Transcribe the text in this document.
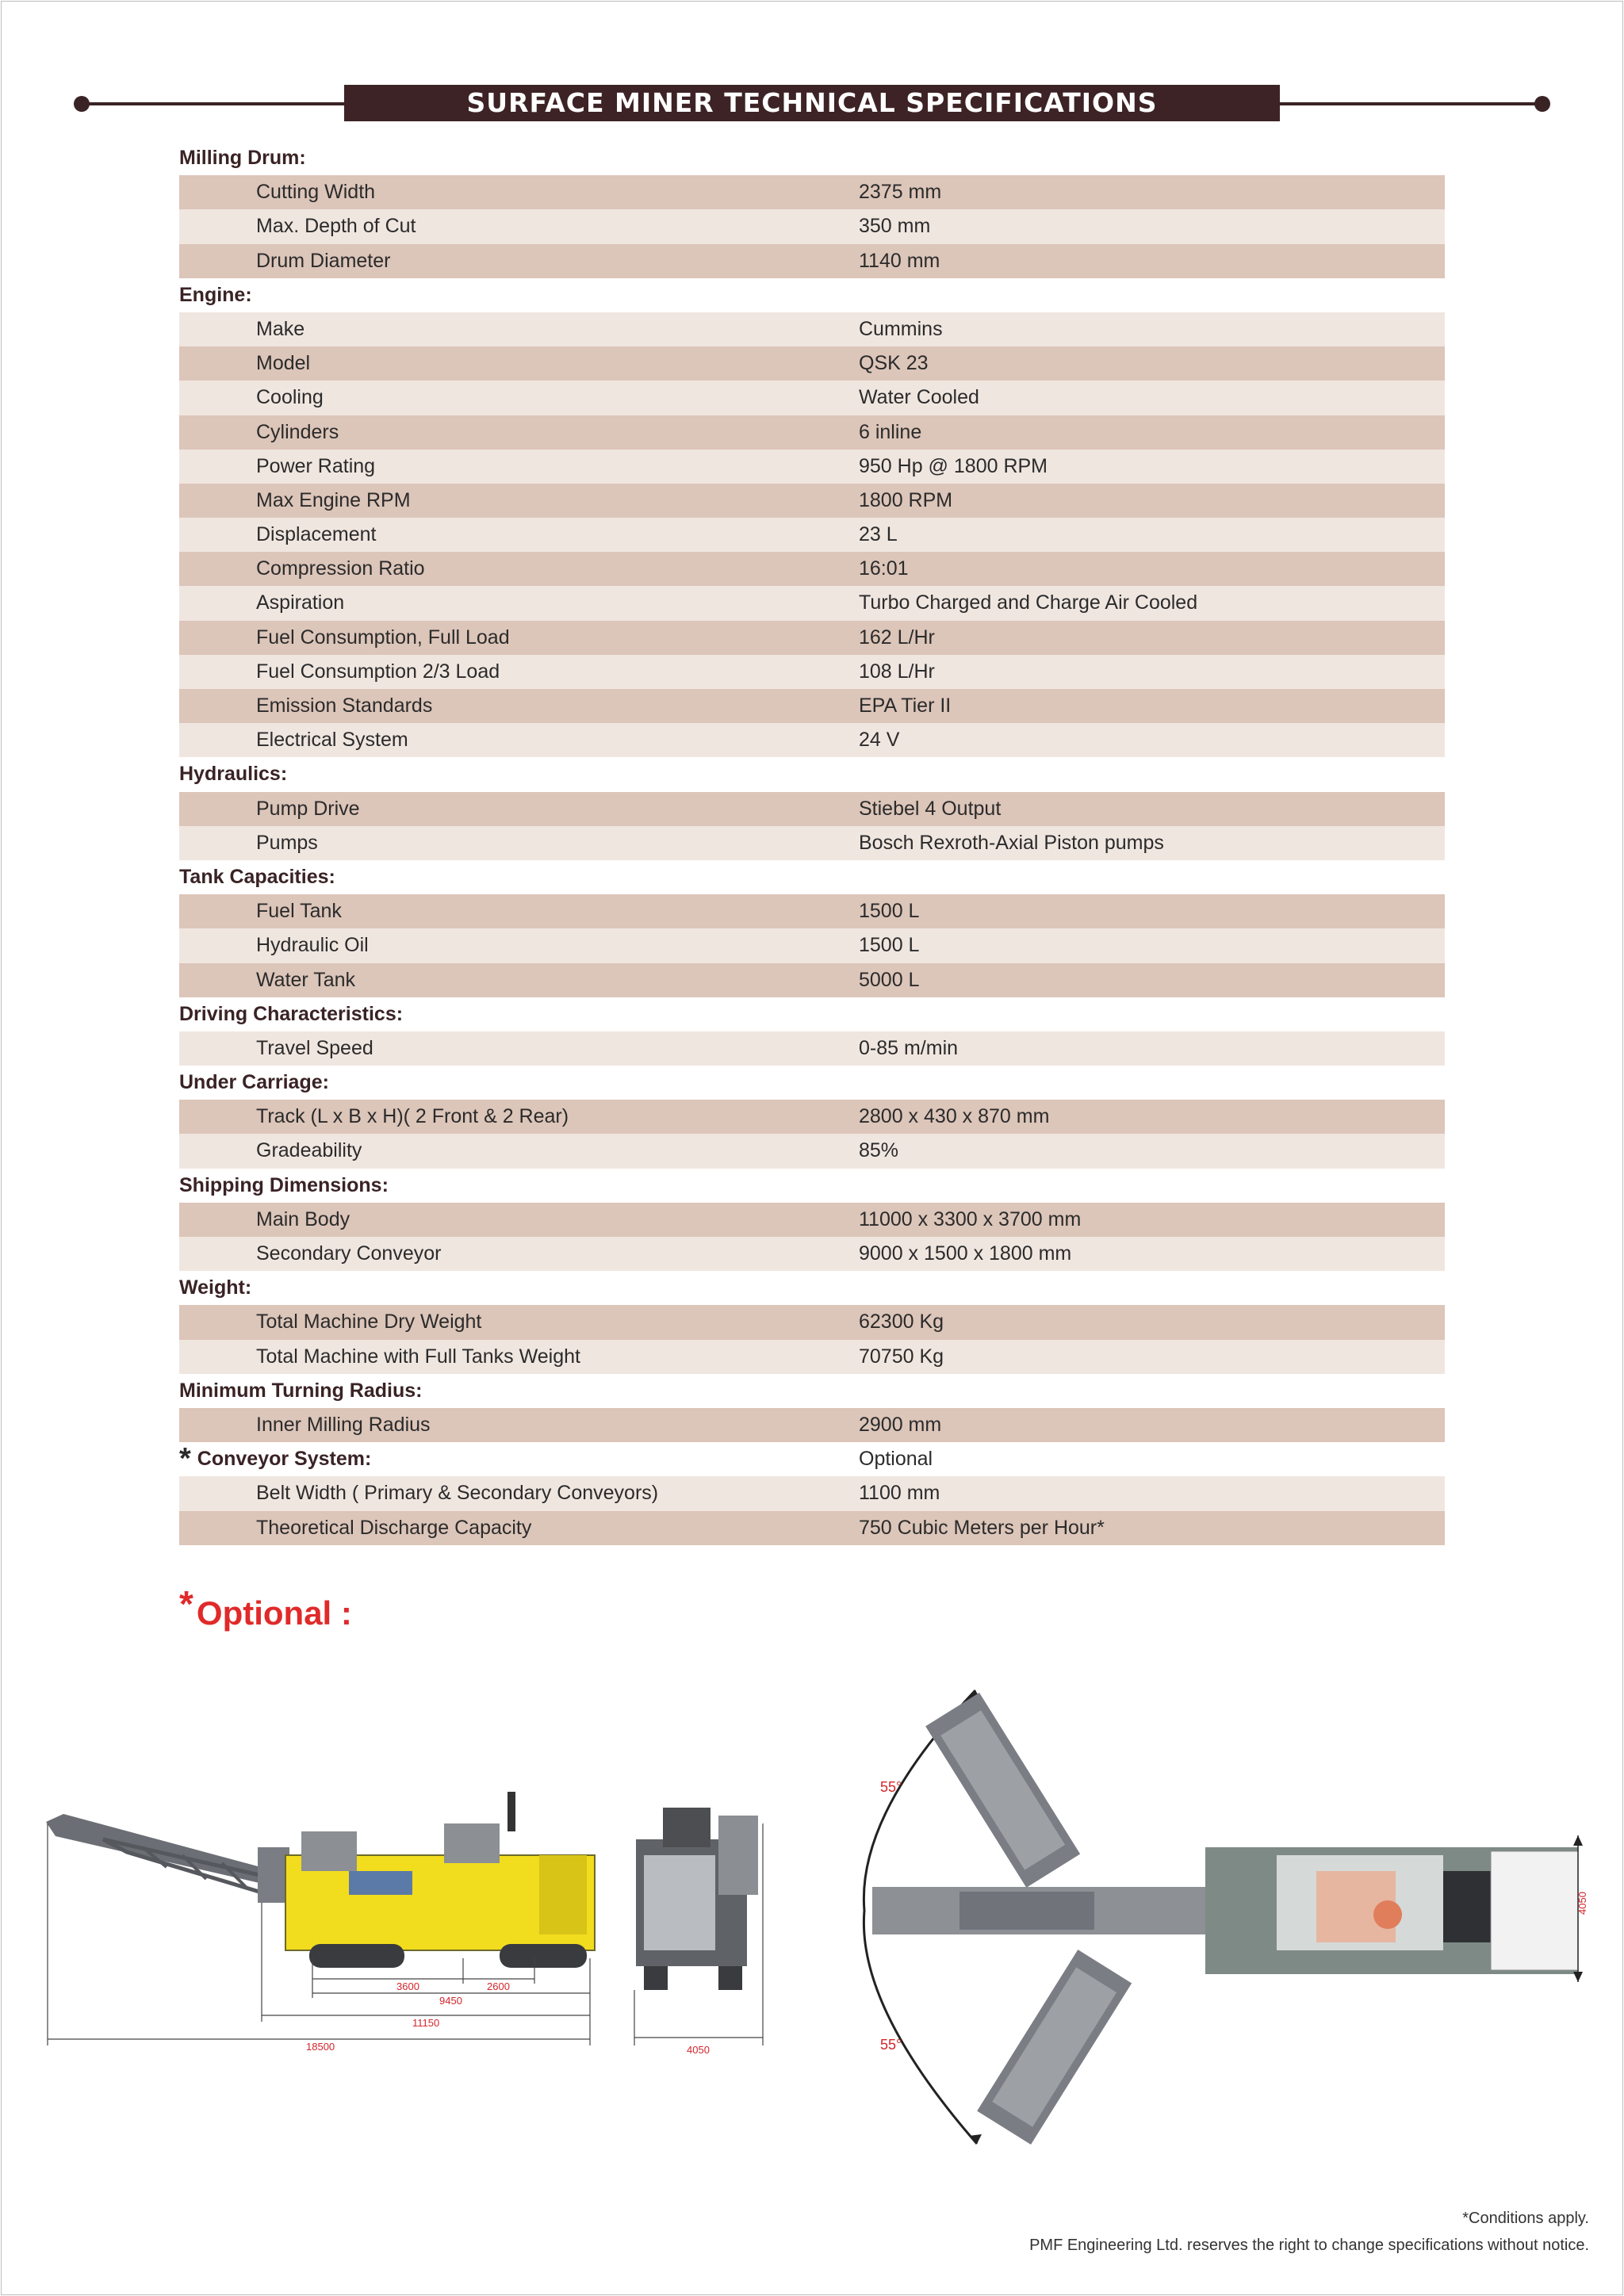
SURFACE MINER TECHNICAL SPECIFICATIONS
Milling Drum:
Cutting Width	2375 mm
Max. Depth of Cut	350 mm
Drum Diameter	1140 mm
Engine:
Make	Cummins
Model	QSK 23
Cooling	Water Cooled
Cylinders	6 inline
Power Rating	950 Hp @ 1800 RPM
Max Engine RPM	1800 RPM
Displacement	23 L
Compression Ratio	16:01
Aspiration	Turbo Charged and Charge Air Cooled
Fuel Consumption, Full Load	162 L/Hr
Fuel Consumption 2/3 Load	108 L/Hr
Emission Standards	EPA Tier II
Electrical System	24 V
Hydraulics:
Pump Drive	Stiebel 4 Output
Pumps	Bosch Rexroth-Axial Piston pumps
Tank Capacities:
Fuel Tank	1500 L
Hydraulic Oil	1500 L
Water Tank	5000 L
Driving Characteristics:
Travel Speed	0-85 m/min
Under Carriage:
Track (L x B x H)( 2 Front & 2 Rear)	2800 x 430 x 870 mm
Gradeability	85%
Shipping Dimensions:
Main Body	11000 x 3300 x 3700 mm
Secondary Conveyor	9000 x 1500 x 1800 mm
Weight:
Total Machine Dry Weight	62300 Kg
Total Machine with Full Tanks Weight	70750 Kg
Minimum Turning Radius:
Inner Milling Radius	2900 mm
* Conveyor System:	Optional
Belt Width ( Primary & Secondary Conveyors)	1100 mm
Theoretical Discharge Capacity	750 Cubic Meters per Hour*
*Optional :
3600	2600
9450
11150
18500	4050
55°
55°
4050
*Conditions apply.
PMF Engineering Ltd. reserves the right to change specifications without notice.
